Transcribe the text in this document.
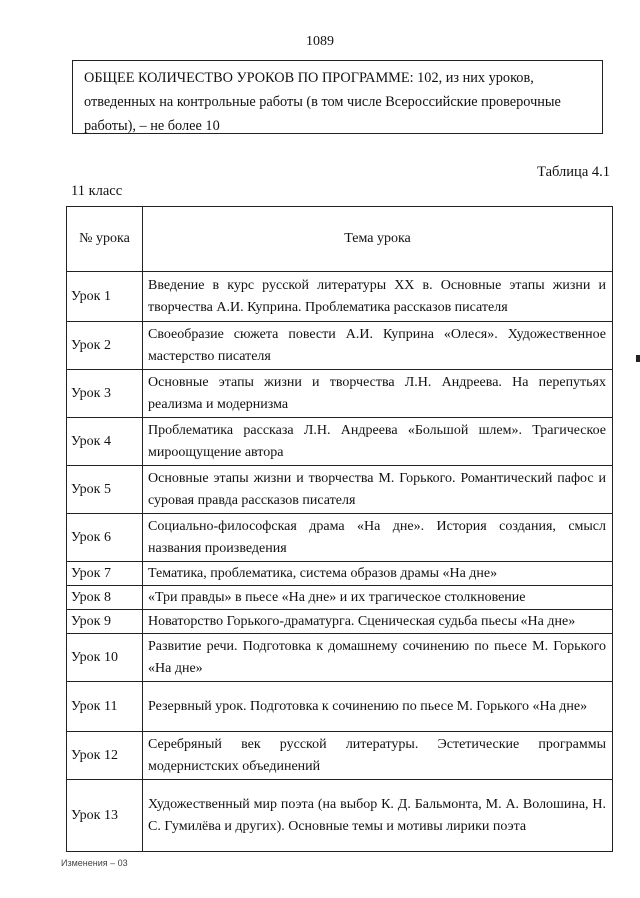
1089
ОБЩЕЕ КОЛИЧЕСТВО УРОКОВ ПО ПРОГРАММЕ: 102, из них уроков,
отведенных на контрольные работы (в том числе Всероссийские проверочные
работы), – не более 10
Таблица 4.1
11 класс
№ урока	Тема урока
Урок 1	Введение в курс русской литературы XX в. Основные этапы жизни и творчества А.И. Куприна. Проблематика рассказов писателя
Урок 2	Своеобразие сюжета повести А.И. Куприна «Олеся». Художественное мастерство писателя
Урок 3	Основные этапы жизни и творчества Л.Н. Андреева. На перепутьях реализма и модернизма
Урок 4	Проблематика рассказа Л.Н. Андреева «Большой шлем». Трагическое мироощущение автора
Урок 5	Основные этапы жизни и творчества М. Горького. Романтический пафос и суровая правда рассказов писателя
Урок 6	Социально-философская драма «На дне». История создания, смысл названия произведения
Урок 7	Тематика, проблематика, система образов драмы «На дне»
Урок 8	«Три правды» в пьесе «На дне» и их трагическое столкновение
Урок 9	Новаторство Горького-драматурга. Сценическая судьба пьесы «На дне»
Урок 10	Развитие речи. Подготовка к домашнему сочинению по пьесе М. Горького «На дне»
Урок 11	Резервный урок. Подготовка к сочинению по пьесе М. Горького «На дне»
Урок 12	Серебряный век русской литературы. Эстетические программы модернистских объединений
Урок 13	Художественный мир поэта (на выбор К. Д. Бальмонта, М. А. Волошина, Н. С. Гумилёва и других). Основные темы и мотивы лирики поэта
Изменения – 03
